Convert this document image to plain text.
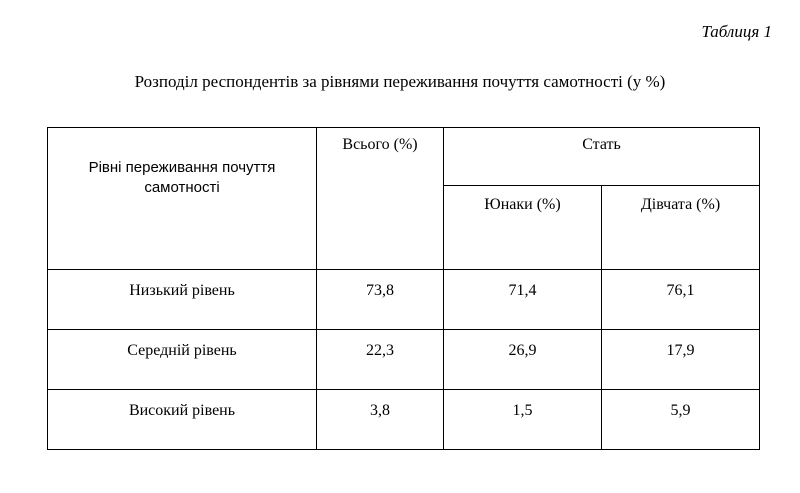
Таблиця 1
Розподіл респондентів за рівнями переживання почуття самотності (у %)
Рівні переживання почуття самотності	Всього (%)	Стать	
		Юнаки (%)	Дівчата (%)
Низький рівень	73,8	71,4	76,1
Середній рівень	22,3	26,9	17,9
Високий рівень	3,8	1,5	5,9
